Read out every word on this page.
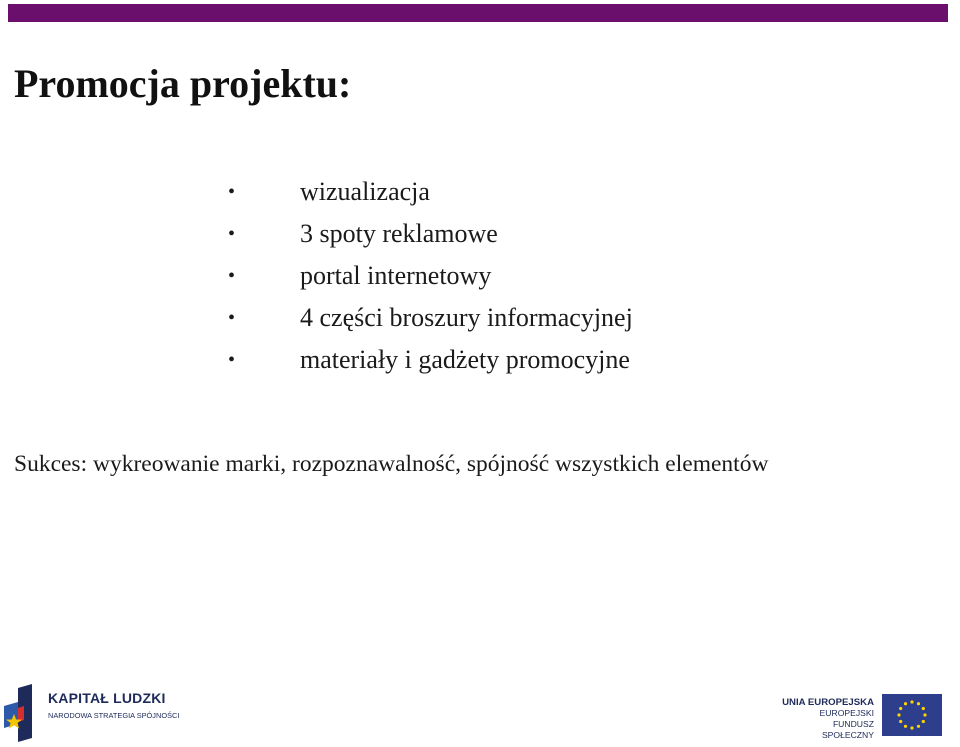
Promocja projektu:
• wizualizacja
• 3 spoty reklamowe
• portal internetowy
• 4 części broszury informacyjnej
• materiały i gadżety promocyjne

Sukces: wykreowanie marki, rozpoznawalność, spójność wszystkich elementów

KAPITAŁ LUDZKI
NARODOWA STRATEGIA SPÓJNOŚCI
UNIA EUROPEJSKA
EUROPEJSKI
FUNDUSZ SPOŁECZNY
